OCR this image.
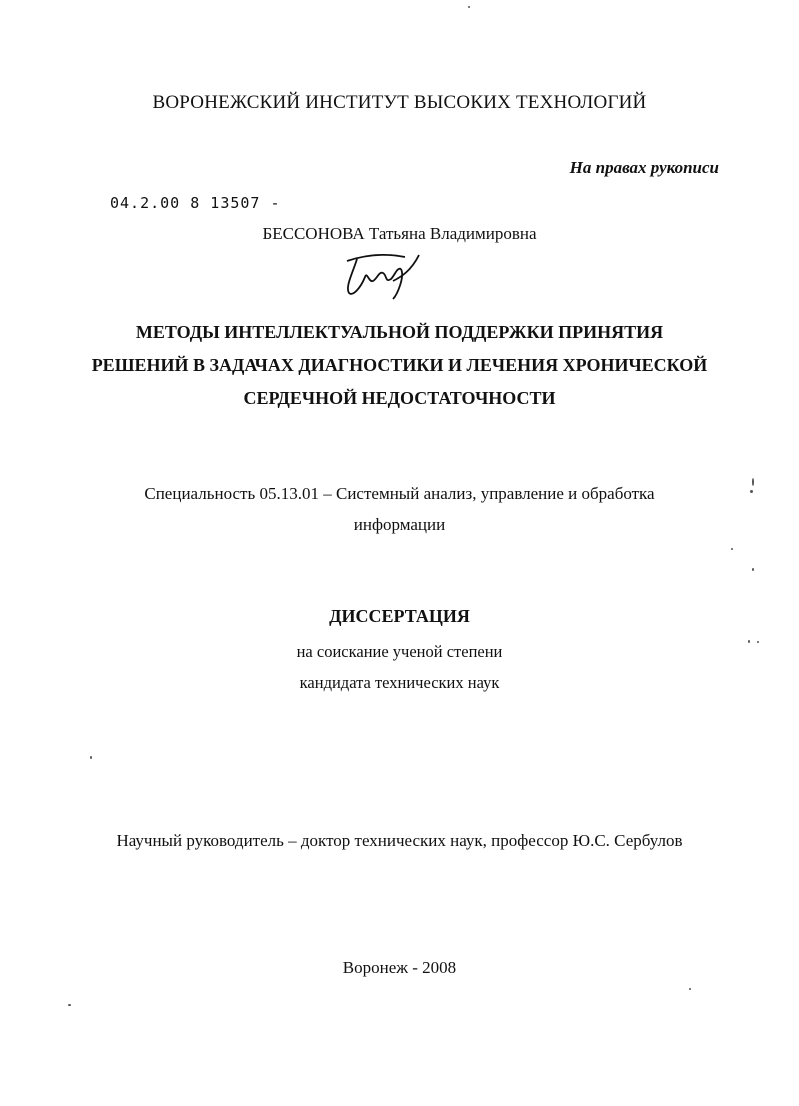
ВОРОНЕЖСКИЙ ИНСТИТУТ ВЫСОКИХ ТЕХНОЛОГИЙ
На правах рукописи
04.2.00 8 13507 -
БЕССОНОВА Татьяна Владимировна
МЕТОДЫ ИНТЕЛЛЕКТУАЛЬНОЙ ПОДДЕРЖКИ ПРИНЯТИЯ
РЕШЕНИЙ В ЗАДАЧАХ ДИАГНОСТИКИ И ЛЕЧЕНИЯ ХРОНИЧЕСКОЙ
СЕРДЕЧНОЙ НЕДОСТАТОЧНОСТИ
Специальность 05.13.01 – Системный анализ, управление и обработка
информации
ДИССЕРТАЦИЯ
на соискание ученой степени
кандидата технических наук
Научный руководитель – доктор технических наук, профессор Ю.С. Сербулов
Воронеж - 2008
